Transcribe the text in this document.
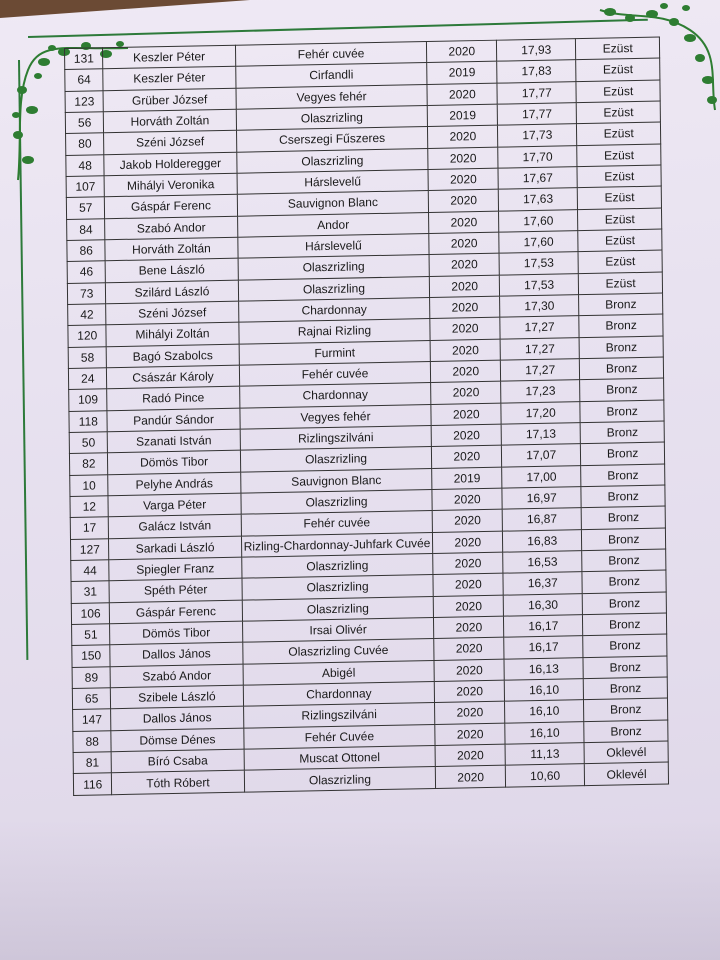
131	Keszler Péter	Fehér cuvée	2020	17,93	Ezüst
64	Keszler Péter	Cirfandli	2019	17,83	Ezüst
123	Grüber József	Vegyes fehér	2020	17,77	Ezüst
56	Horváth Zoltán	Olaszrizling	2019	17,77	Ezüst
80	Széni József	Cserszegi Fűszeres	2020	17,73	Ezüst
48	Jakob Holderegger	Olaszrizling	2020	17,70	Ezüst
107	Mihályi Veronika	Hárslevelű	2020	17,67	Ezüst
57	Gáspár Ferenc	Sauvignon Blanc	2020	17,63	Ezüst
84	Szabó Andor	Andor	2020	17,60	Ezüst
86	Horváth Zoltán	Hárslevelű	2020	17,60	Ezüst
46	Bene László	Olaszrizling	2020	17,53	Ezüst
73	Szilárd László	Olaszrizling	2020	17,53	Ezüst
42	Széni József	Chardonnay	2020	17,30	Bronz
120	Mihályi Zoltán	Rajnai Rizling	2020	17,27	Bronz
58	Bagó Szabolcs	Furmint	2020	17,27	Bronz
24	Császár Károly	Fehér cuvée	2020	17,27	Bronz
109	Radó Pince	Chardonnay	2020	17,23	Bronz
118	Pandúr Sándor	Vegyes fehér	2020	17,20	Bronz
50	Szanati István	Rizlingszilváni	2020	17,13	Bronz
82	Dömös Tibor	Olaszrizling	2020	17,07	Bronz
10	Pelyhe András	Sauvignon Blanc	2019	17,00	Bronz
12	Varga Péter	Olaszrizling	2020	16,97	Bronz
17	Galácz István	Fehér cuvée	2020	16,87	Bronz
127	Sarkadi László	Rizling-Chardonnay-Juhfark Cuvée	2020	16,83	Bronz
44	Spiegler Franz	Olaszrizling	2020	16,53	Bronz
31	Spéth Péter	Olaszrizling	2020	16,37	Bronz
106	Gáspár Ferenc	Olaszrizling	2020	16,30	Bronz
51	Dömös Tibor	Irsai Olivér	2020	16,17	Bronz
150	Dallos János	Olaszrizling Cuvée	2020	16,17	Bronz
89	Szabó Andor	Abigél	2020	16,13	Bronz
65	Szibele László	Chardonnay	2020	16,10	Bronz
147	Dallos János	Rizlingszilváni	2020	16,10	Bronz
88	Dömse Dénes	Fehér Cuvée	2020	16,10	Bronz
81	Bíró Csaba	Muscat Ottonel	2020	11,13	Oklevél
116	Tóth Róbert	Olaszrizling	2020	10,60	Oklevél
